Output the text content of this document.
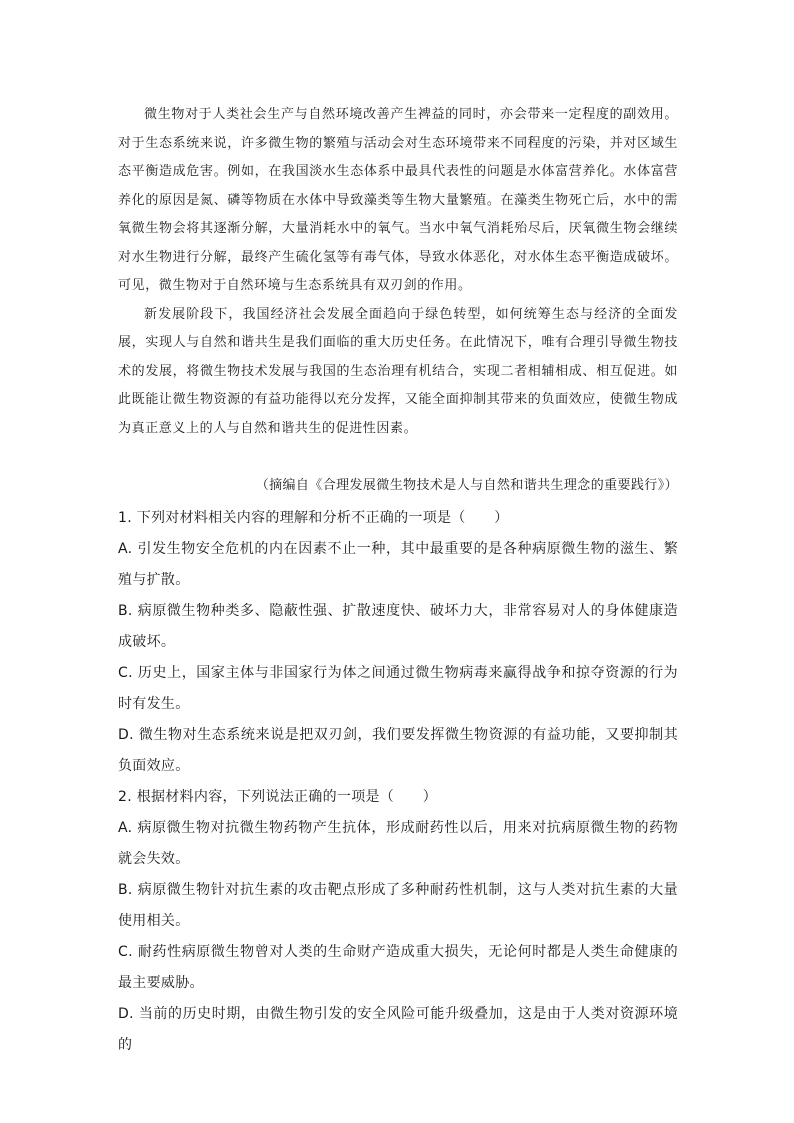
微生物对于人类社会生产与自然环境改善产生裨益的同时，亦会带来一定程度的副效用。对于生态系统来说，许多微生物的繁殖与活动会对生态环境带来不同程度的污染，并对区域生态平衡造成危害。例如，在我国淡水生态体系中最具代表性的问题是水体富营养化。水体富营养化的原因是氮、磷等物质在水体中导致藻类等生物大量繁殖。在藻类生物死亡后，水中的需氧微生物会将其逐渐分解，大量消耗水中的氧气。当水中氧气消耗殆尽后，厌氧微生物会继续对水生物进行分解，最终产生硫化氢等有毒气体，导致水体恶化，对水体生态平衡造成破坏。可见，微生物对于自然环境与生态系统具有双刃剑的作用。

新发展阶段下，我国经济社会发展全面趋向于绿色转型，如何统筹生态与经济的全面发展，实现人与自然和谐共生是我们面临的重大历史任务。在此情况下，唯有合理引导微生物技术的发展，将微生物技术发展与我国的生态治理有机结合，实现二者相辅相成、相互促进。如此既能让微生物资源的有益功能得以充分发挥，又能全面抑制其带来的负面效应，使微生物成为真正意义上的人与自然和谐共生的促进性因素。

（摘编自《合理发展微生物技术是人与自然和谐共生理念的重要践行》）

1. 下列对材料相关内容的理解和分析不正确的一项是（　　）

A. 引发生物安全危机的内在因素不止一种，其中最重要的是各种病原微生物的滋生、繁殖与扩散。

B. 病原微生物种类多、隐蔽性强、扩散速度快、破坏力大，非常容易对人的身体健康造成破坏。

C. 历史上，国家主体与非国家行为体之间通过微生物病毒来赢得战争和掠夺资源的行为时有发生。

D. 微生物对生态系统来说是把双刃剑，我们要发挥微生物资源的有益功能，又要抑制其负面效应。

2. 根据材料内容，下列说法正确的一项是（　　）

A. 病原微生物对抗微生物药物产生抗体，形成耐药性以后，用来对抗病原微生物的药物就会失效。

B. 病原微生物针对抗生素的攻击靶点形成了多种耐药性机制，这与人类对抗生素的大量使用相关。

C. 耐药性病原微生物曾对人类的生命财产造成重大损失，无论何时都是人类生命健康的最主要威胁。

D. 当前的历史时期，由微生物引发的安全风险可能升级叠加，这是由于人类对资源环境的
